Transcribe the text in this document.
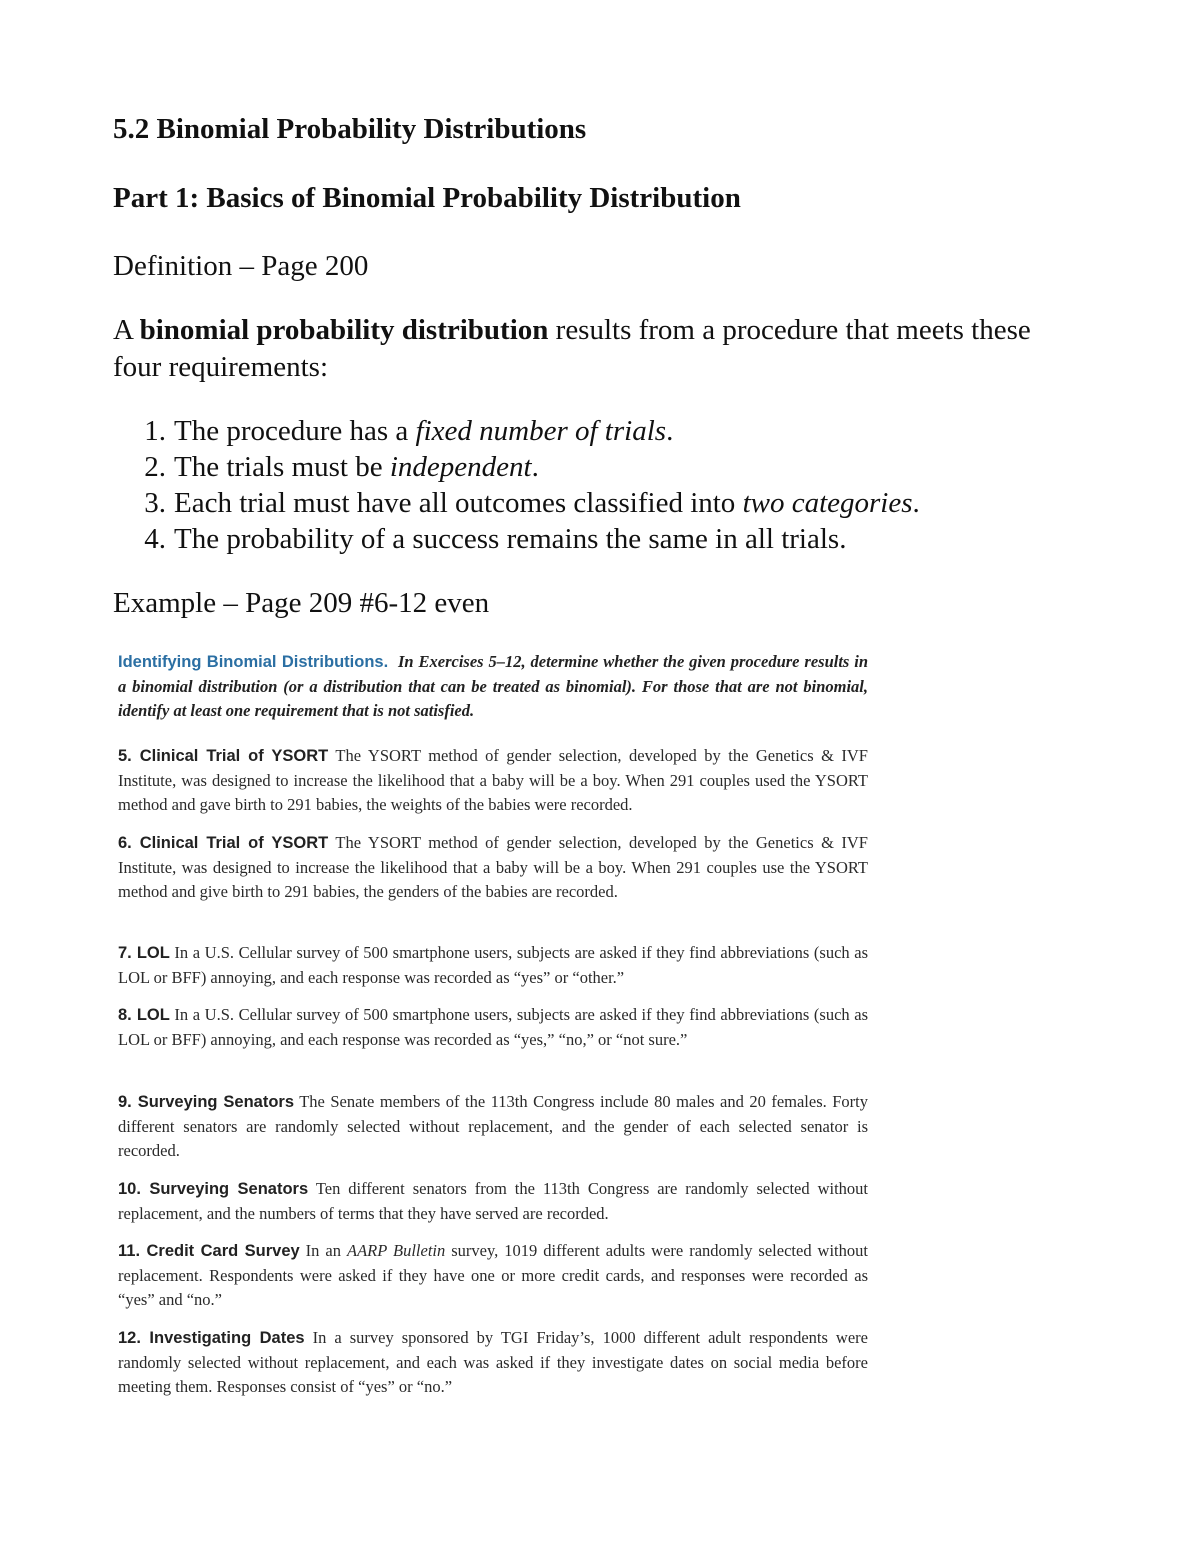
5.2 Binomial Probability Distributions
Part 1: Basics of Binomial Probability Distribution
Definition – Page 200
A binomial probability distribution results from a procedure that meets these four requirements:
1. The procedure has a fixed number of trials.
2. The trials must be independent.
3. Each trial must have all outcomes classified into two categories.
4. The probability of a success remains the same in all trials.
Example – Page 209 #6-12 even

Identifying Binomial Distributions. In Exercises 5–12, determine whether the given procedure results in a binomial distribution (or a distribution that can be treated as binomial). For those that are not binomial, identify at least one requirement that is not satisfied.

5. Clinical Trial of YSORT The YSORT method of gender selection, developed by the Genetics & IVF Institute, was designed to increase the likelihood that a baby will be a boy. When 291 couples used the YSORT method and gave birth to 291 babies, the weights of the babies were recorded.

6. Clinical Trial of YSORT The YSORT method of gender selection, developed by the Genetics & IVF Institute, was designed to increase the likelihood that a baby will be a boy. When 291 couples use the YSORT method and give birth to 291 babies, the genders of the babies are recorded.

7. LOL In a U.S. Cellular survey of 500 smartphone users, subjects are asked if they find abbreviations (such as LOL or BFF) annoying, and each response was recorded as “yes” or “other.”

8. LOL In a U.S. Cellular survey of 500 smartphone users, subjects are asked if they find abbreviations (such as LOL or BFF) annoying, and each response was recorded as “yes,” “no,” or “not sure.”

9. Surveying Senators The Senate members of the 113th Congress include 80 males and 20 females. Forty different senators are randomly selected without replacement, and the gender of each selected senator is recorded.

10. Surveying Senators Ten different senators from the 113th Congress are randomly selected without replacement, and the numbers of terms that they have served are recorded.

11. Credit Card Survey In an AARP Bulletin survey, 1019 different adults were randomly selected without replacement. Respondents were asked if they have one or more credit cards, and responses were recorded as “yes” and “no.”

12. Investigating Dates In a survey sponsored by TGI Friday’s, 1000 different adult respondents were randomly selected without replacement, and each was asked if they investigate dates on social media before meeting them. Responses consist of “yes” or “no.”
